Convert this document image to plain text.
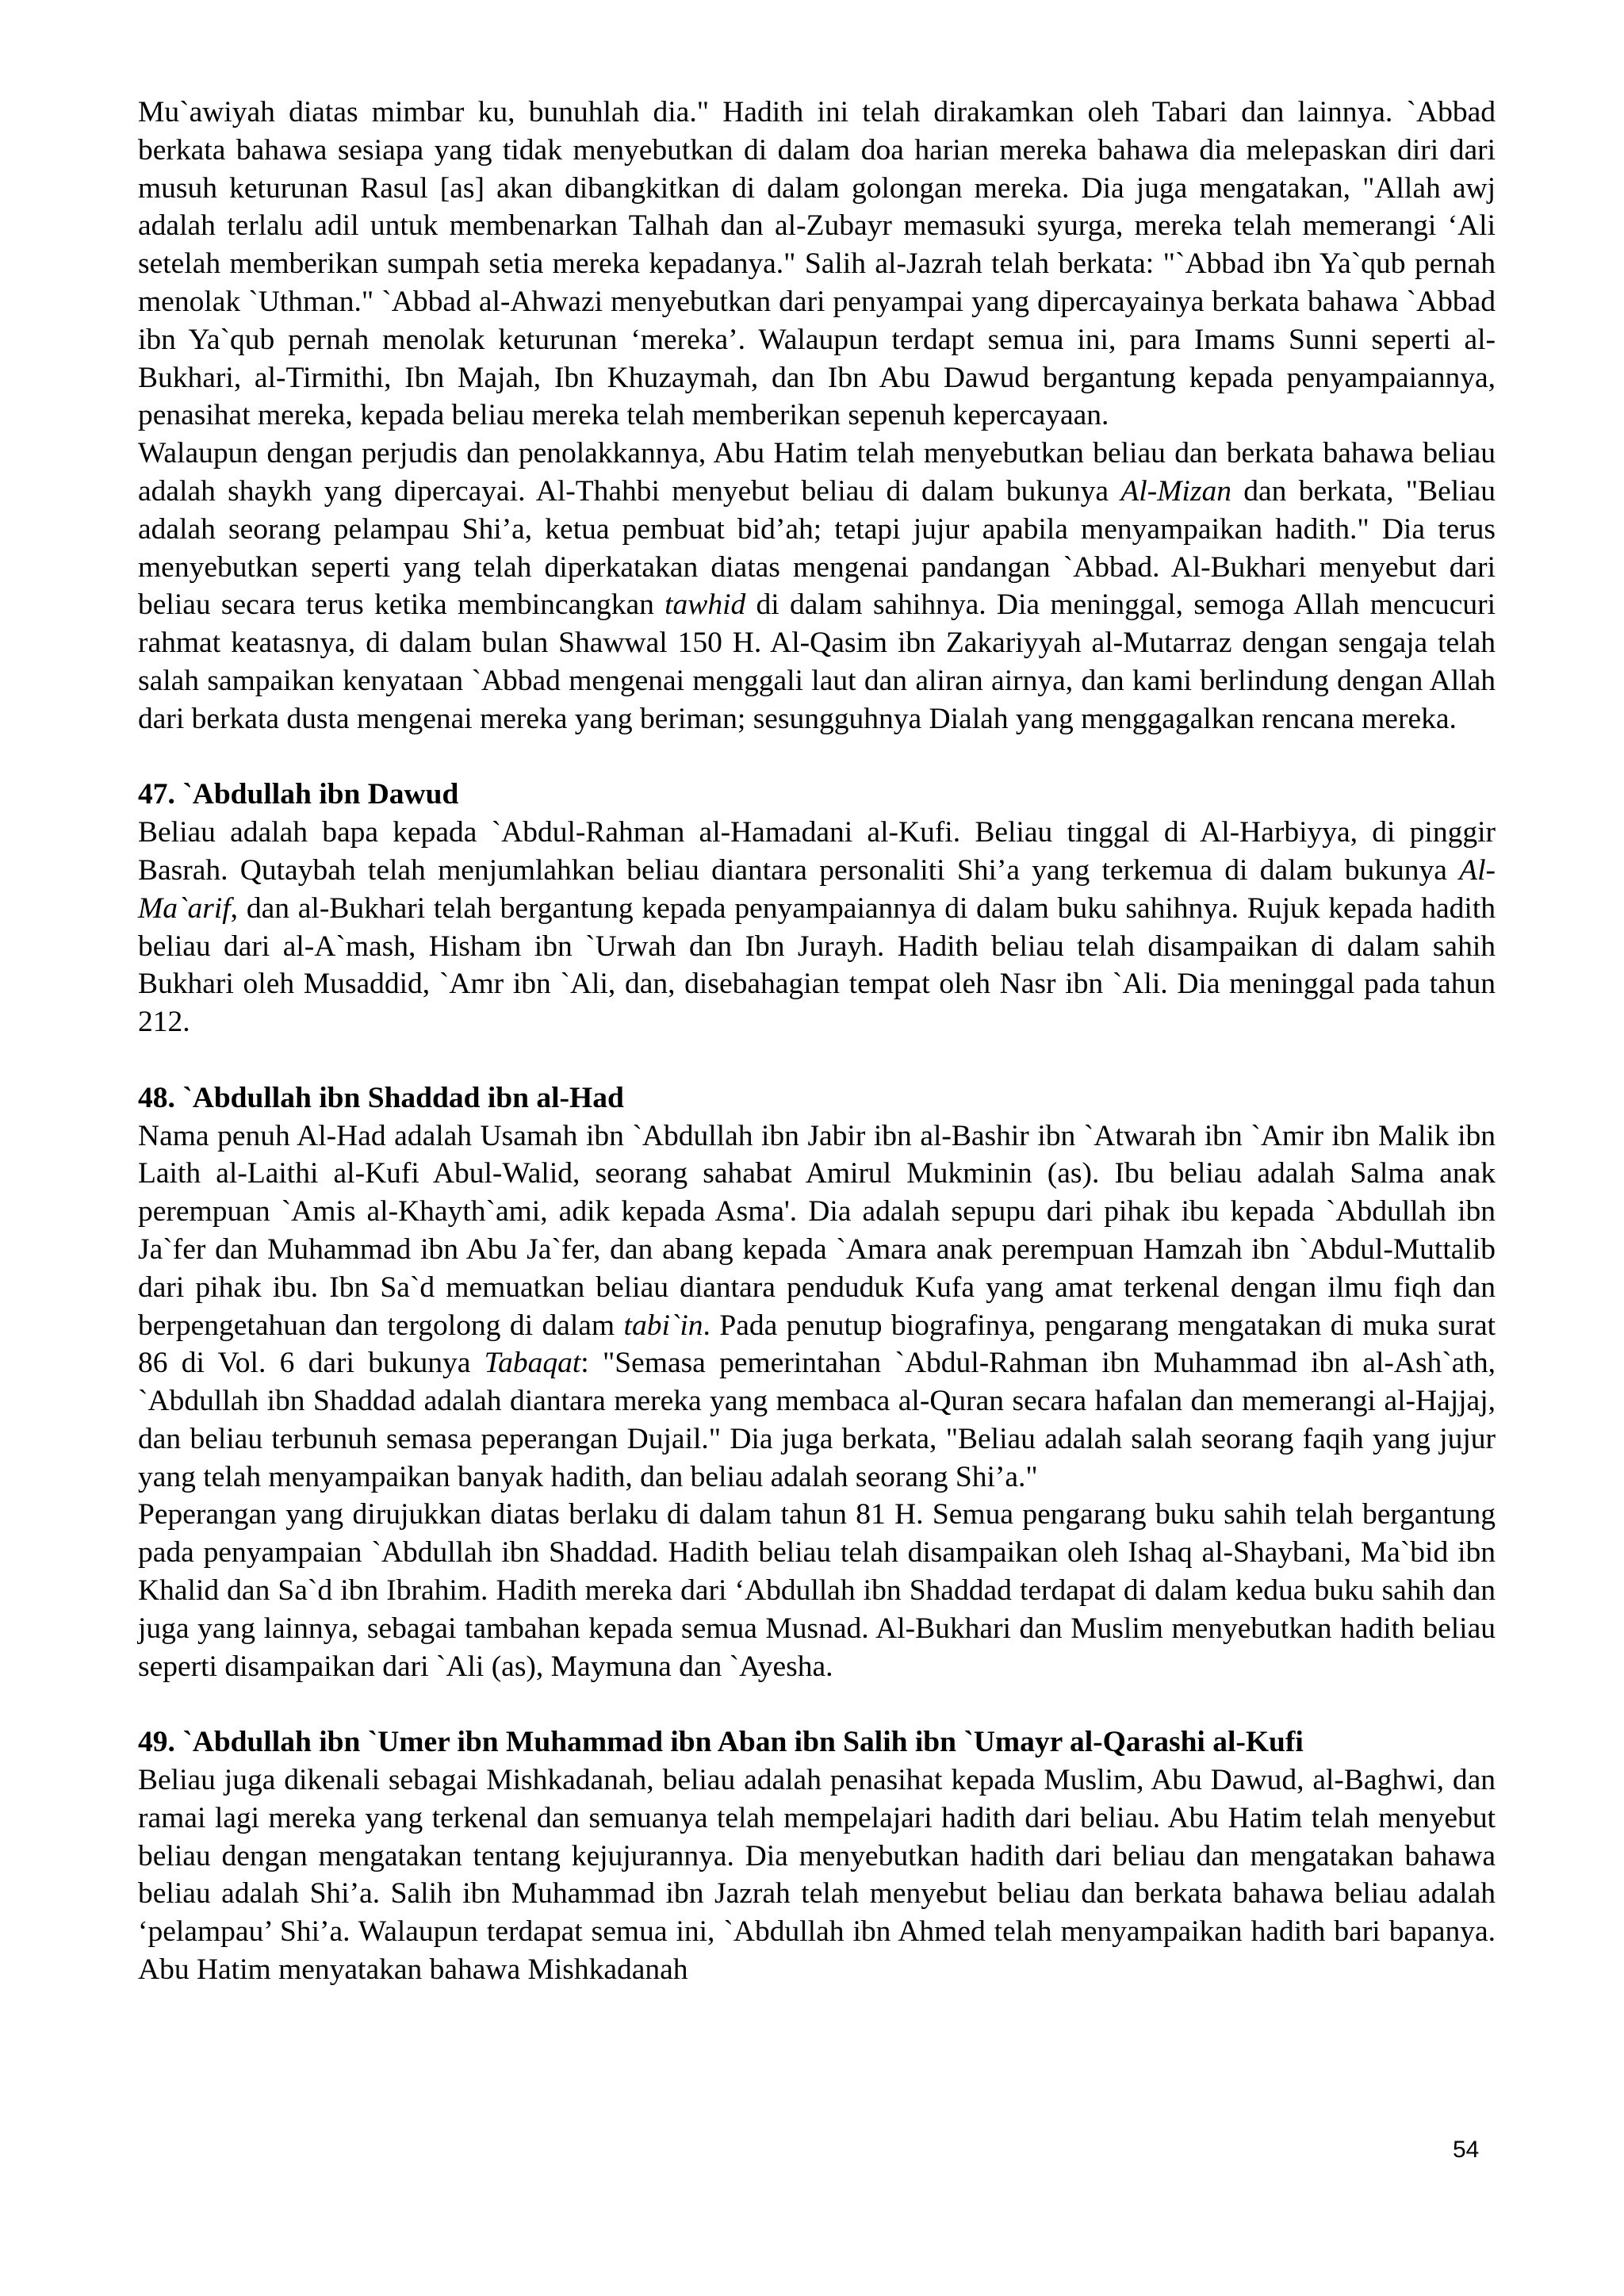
Mu`awiyah diatas mimbar ku, bunuhlah dia." Hadith ini telah dirakamkan oleh Tabari dan lainnya. `Abbad berkata bahawa sesiapa yang tidak menyebutkan di dalam doa harian mereka bahawa dia melepaskan diri dari musuh keturunan Rasul [as] akan dibangkitkan di dalam golongan mereka. Dia juga mengatakan, "Allah awj adalah terlalu adil untuk membenarkan Talhah dan al-Zubayr memasuki syurga, mereka telah memerangi ‘Ali setelah memberikan sumpah setia mereka kepadanya." Salih al-Jazrah telah berkata: "`Abbad ibn Ya`qub pernah menolak `Uthman." `Abbad al-Ahwazi menyebutkan dari penyampai yang dipercayainya berkata bahawa `Abbad ibn Ya`qub pernah menolak keturunan ‘mereka’. Walaupun terdapt semua ini, para Imams Sunni seperti al-Bukhari, al-Tirmithi, Ibn Majah, Ibn Khuzaymah, dan Ibn Abu Dawud bergantung kepada penyampaiannya, penasihat mereka, kepada beliau mereka telah memberikan sepenuh kepercayaan.

Walaupun dengan perjudis dan penolakkannya, Abu Hatim telah menyebutkan beliau dan berkata bahawa beliau adalah shaykh yang dipercayai. Al-Thahbi menyebut beliau di dalam bukunya Al-Mizan dan berkata, "Beliau adalah seorang pelampau Shi’a, ketua pembuat bid’ah; tetapi jujur apabila menyampaikan hadith." Dia terus menyebutkan seperti yang telah diperkatakan diatas mengenai pandangan `Abbad. Al-Bukhari menyebut dari beliau secara terus ketika membincangkan tawhid di dalam sahihnya. Dia meninggal, semoga Allah mencucuri rahmat keatasnya, di dalam bulan Shawwal 150 H. Al-Qasim ibn Zakariyyah al-Mutarraz dengan sengaja telah salah sampaikan kenyataan `Abbad mengenai menggali laut dan aliran airnya, dan kami berlindung dengan Allah dari berkata dusta mengenai mereka yang beriman; sesungguhnya Dialah yang menggagalkan rencana mereka.

47. `Abdullah ibn Dawud

Beliau adalah bapa kepada `Abdul-Rahman al-Hamadani al-Kufi. Beliau tinggal di Al-Harbiyya, di pinggir Basrah. Qutaybah telah menjumlahkan beliau diantara personaliti Shi’a yang terkemua di dalam bukunya Al-Ma`arif, dan al-Bukhari telah bergantung kepada penyampaiannya di dalam buku sahihnya. Rujuk kepada hadith beliau dari al-A`mash, Hisham ibn `Urwah dan Ibn Jurayh. Hadith beliau telah disampaikan di dalam sahih Bukhari oleh Musaddid, `Amr ibn `Ali, dan, disebahagian tempat oleh Nasr ibn `Ali. Dia meninggal pada tahun 212.

48. `Abdullah ibn Shaddad ibn al-Had

Nama penuh Al-Had adalah Usamah ibn `Abdullah ibn Jabir ibn al-Bashir ibn `Atwarah ibn `Amir ibn Malik ibn Laith al-Laithi al-Kufi Abul-Walid, seorang sahabat Amirul Mukminin (as). Ibu beliau adalah Salma anak perempuan `Amis al-Khayth`ami, adik kepada Asma'. Dia adalah sepupu dari pihak ibu kepada `Abdullah ibn Ja`fer dan Muhammad ibn Abu Ja`fer, dan abang kepada `Amara anak perempuan Hamzah ibn `Abdul-Muttalib dari pihak ibu. Ibn Sa`d memuatkan beliau diantara penduduk Kufa yang amat terkenal dengan ilmu fiqh dan berpengetahuan dan tergolong di dalam tabi`in. Pada penutup biografinya, pengarang mengatakan di muka surat 86 di Vol. 6 dari bukunya Tabaqat: "Semasa pemerintahan `Abdul-Rahman ibn Muhammad ibn al-Ash`ath, `Abdullah ibn Shaddad adalah diantara mereka yang membaca al-Quran secara hafalan dan memerangi al-Hajjaj, dan beliau terbunuh semasa peperangan Dujail." Dia juga berkata, "Beliau adalah salah seorang faqih yang jujur yang telah menyampaikan banyak hadith, dan beliau adalah seorang Shi’a."

Peperangan yang dirujukkan diatas berlaku di dalam tahun 81 H. Semua pengarang buku sahih telah bergantung pada penyampaian `Abdullah ibn Shaddad. Hadith beliau telah disampaikan oleh Ishaq al-Shaybani, Ma`bid ibn Khalid dan Sa`d ibn Ibrahim. Hadith mereka dari ‘Abdullah ibn Shaddad terdapat di dalam kedua buku sahih dan juga yang lainnya, sebagai tambahan kepada semua Musnad. Al-Bukhari dan Muslim menyebutkan hadith beliau seperti disampaikan dari `Ali (as), Maymuna dan `Ayesha.

49. `Abdullah ibn `Umer ibn Muhammad ibn Aban ibn Salih ibn `Umayr al-Qarashi al-Kufi

Beliau juga dikenali sebagai Mishkadanah, beliau adalah penasihat kepada Muslim, Abu Dawud, al-Baghwi, dan ramai lagi mereka yang terkenal dan semuanya telah mempelajari hadith dari beliau. Abu Hatim telah menyebut beliau dengan mengatakan tentang kejujurannya. Dia menyebutkan hadith dari beliau dan mengatakan bahawa beliau adalah Shi’a. Salih ibn Muhammad ibn Jazrah telah menyebut beliau dan berkata bahawa beliau adalah ‘pelampau’ Shi’a. Walaupun terdapat semua ini, `Abdullah ibn Ahmed telah menyampaikan hadith bari bapanya. Abu Hatim menyatakan bahawa Mishkadanah

54
